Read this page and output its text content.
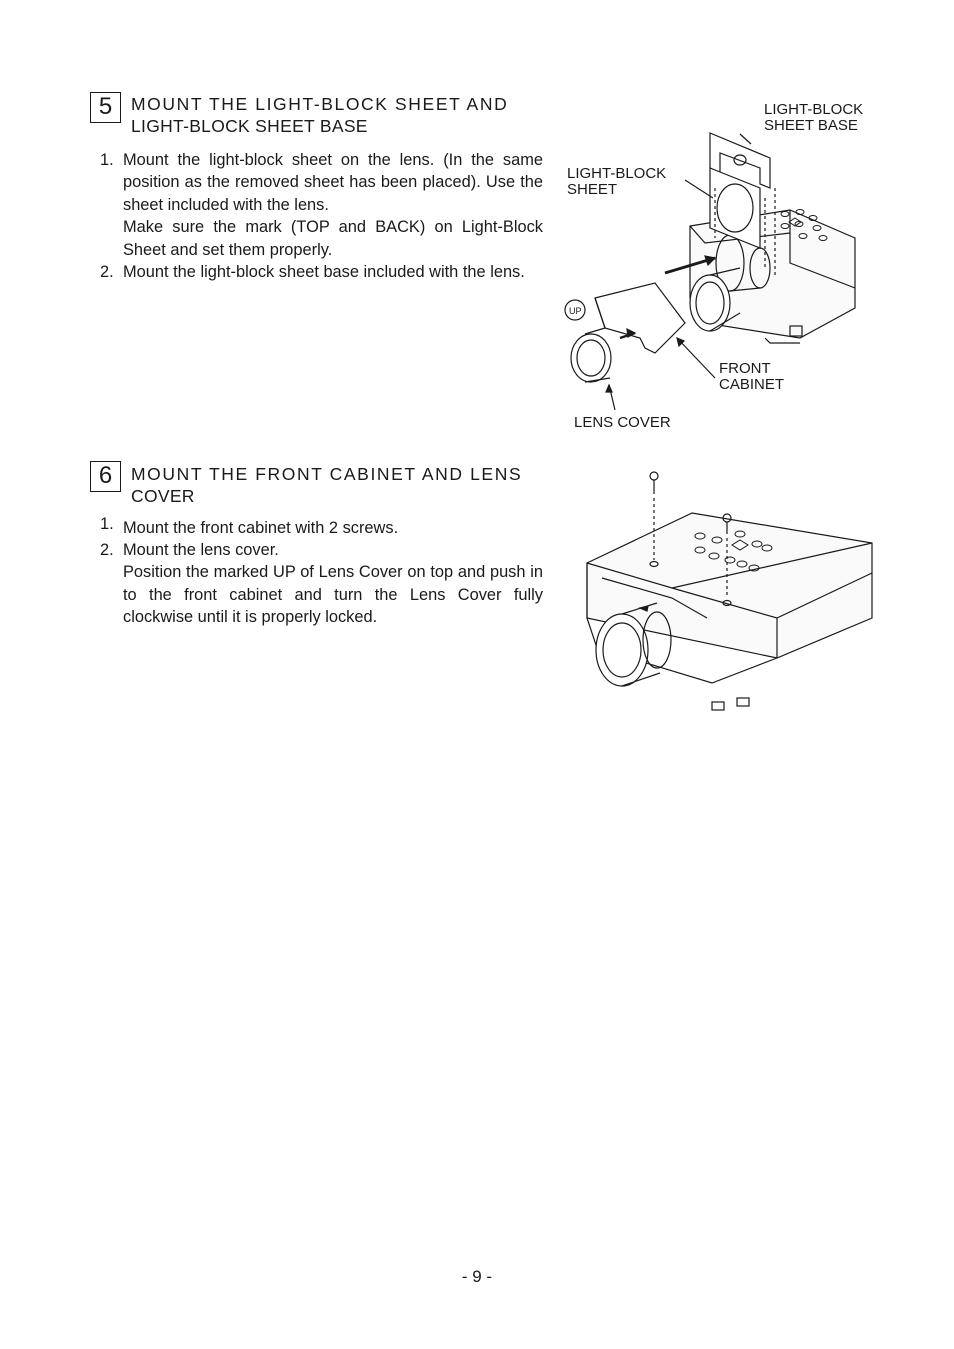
5	MOUNT THE LIGHT-BLOCK SHEET AND
LIGHT-BLOCK SHEET BASE
1. Mount the light-block sheet on the lens. (In the same position as the removed sheet has been placed). Use the sheet included with the lens.

Make sure the mark (TOP and BACK) on Light-Block Sheet and set them properly.

2. Mount the light-block sheet base included with the lens.

UP
LIGHT-BLOCK
SHEET BASE
LIGHT-BLOCK
SHEET
FRONT
CABINET
LENS COVER
6	MOUNT THE FRONT CABINET AND LENS
COVER
1. Mount the front cabinet with 2 screws.

2. Mount the lens cover.

Position the marked UP of Lens Cover on top and push in to the front cabinet and turn the Lens Cover fully clockwise until it is properly locked.

- 9 -
